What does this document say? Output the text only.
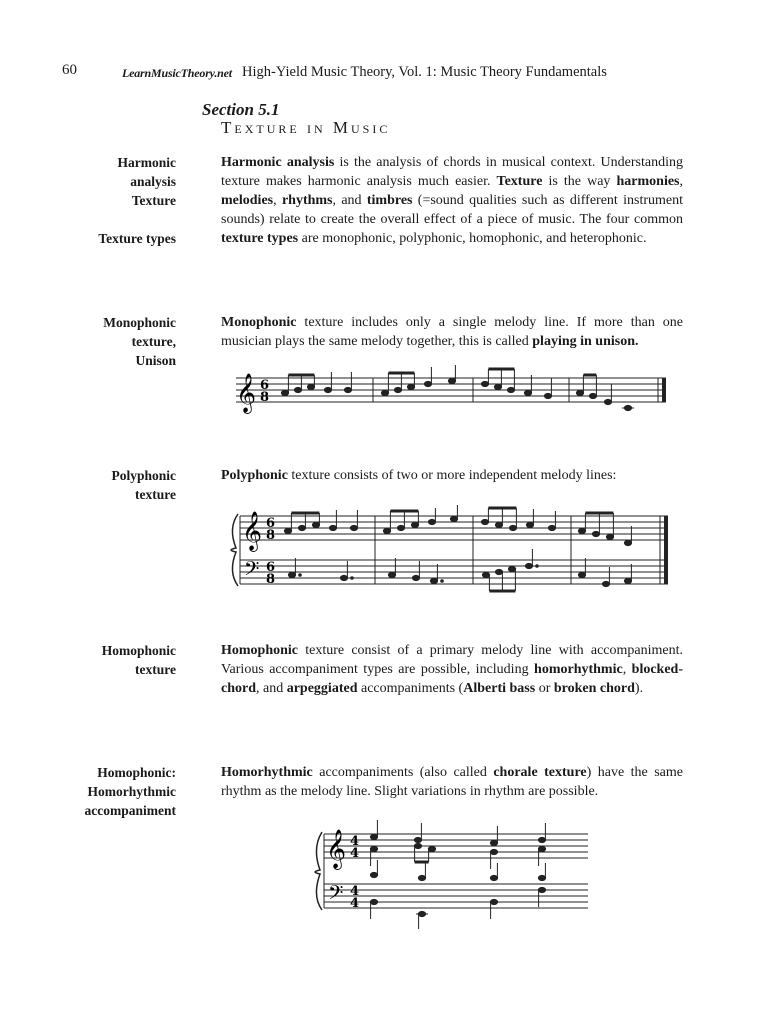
60	LearnMusicTheory.net High-Yield Music Theory, Vol. 1: Music Theory Fundamentals
Section 5.1
Texture in Music
Harmonic
analysis
Texture
Texture types
Monophonic
texture,
Unison
Polyphonic
texture
Homophonic
texture
Homophonic:
Homorhythmic
accompaniment
Harmonic analysis is the analysis of chords in musical context. Understanding texture makes harmonic analysis much easier. Texture is the way harmonies, melodies, rhythms, and timbres (=sound qualities such as different instrument sounds) relate to create the overall effect of a piece of music. The four common texture types are monophonic, polyphonic, homophonic, and heterophonic.
Monophonic texture includes only a single melody line. If more than one musician plays the same melody together, this is called playing in unison.
Polyphonic texture consists of two or more independent melody lines:
Homophonic texture consist of a primary melody line with accompaniment. Various accompaniment types are possible, including homorhythmic, blocked-chord, and arpeggiated accompaniments (Alberti bass or broken chord).
Homorhythmic accompaniments (also called chorale texture) have the same rhythm as the melody line. Slight variations in rhythm are possible.
𝄞 6
8
𝄞
𝄢
6
8
6
8
𝄞
𝄢
4
4
4
4
